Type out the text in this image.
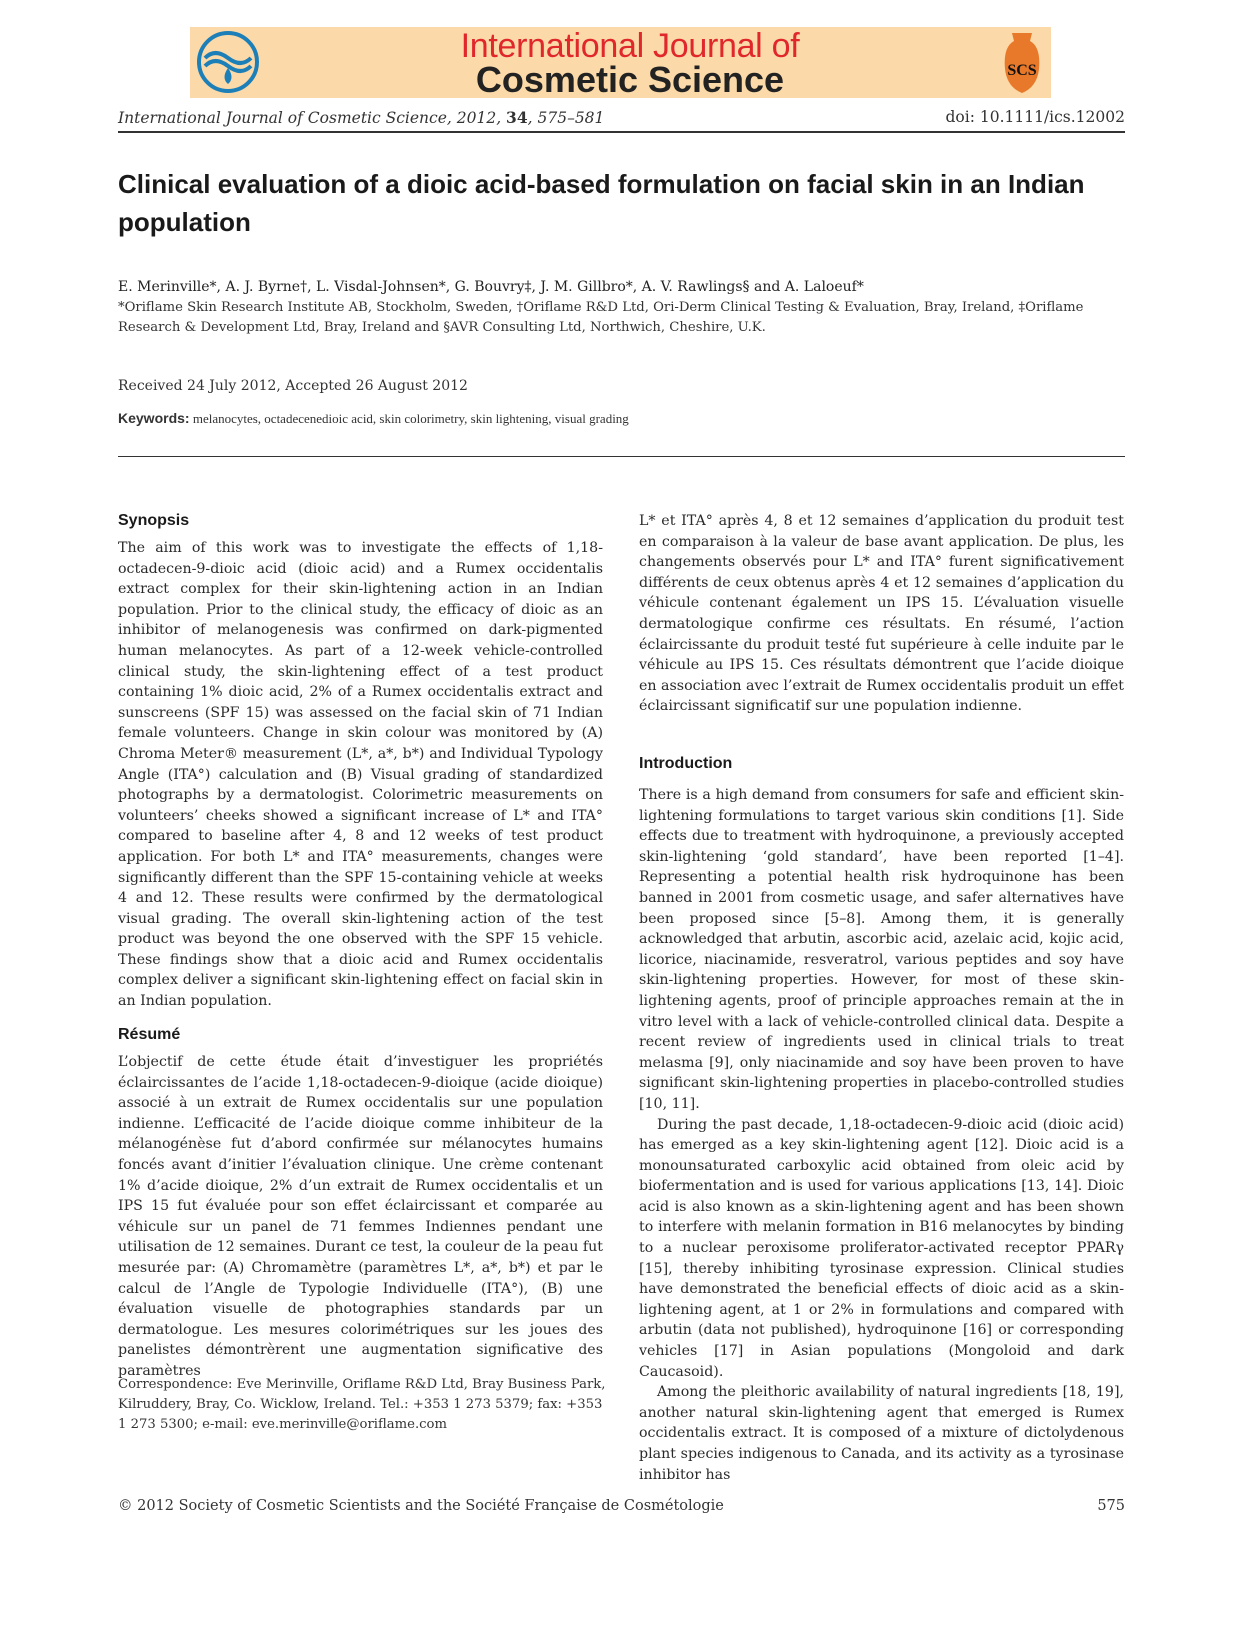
International Journal of
Cosmetic Science	SCS
International Journal of Cosmetic Science, 2012, 34, 575–581	doi: 10.1111/ics.12002
Clinical evaluation of a dioic acid-based formulation on facial skin in an Indian population
E. Merinville*, A. J. Byrne†, L. Visdal-Johnsen*, G. Bouvry‡, J. M. Gillbro*, A. V. Rawlings§ and A. Laloeuf*
*Oriflame Skin Research Institute AB, Stockholm, Sweden, †Oriflame R&D Ltd, Ori-Derm Clinical Testing & Evaluation, Bray, Ireland, ‡Oriflame Research & Development Ltd, Bray, Ireland and §AVR Consulting Ltd, Northwich, Cheshire, U.K.
Received 24 July 2012, Accepted 26 August 2012
Keywords: melanocytes, octadecenedioic acid, skin colorimetry, skin lightening, visual grading
Synopsis

The aim of this work was to investigate the effects of 1,18-octadecen-9-dioic acid (dioic acid) and a Rumex occidentalis extract complex for their skin-lightening action in an Indian population. Prior to the clinical study, the efficacy of dioic as an inhibitor of melanogenesis was confirmed on dark-pigmented human melanocytes. As part of a 12-week vehicle-controlled clinical study, the skin-lightening effect of a test product containing 1% dioic acid, 2% of a Rumex occidentalis extract and sunscreens (SPF 15) was assessed on the facial skin of 71 Indian female volunteers. Change in skin colour was monitored by (A) Chroma Meter® measurement (L*, a*, b*) and Individual Typology Angle (ITA°) calculation and (B) Visual grading of standardized photographs by a dermatologist. Colorimetric measurements on volunteers’ cheeks showed a significant increase of L* and ITA° compared to baseline after 4, 8 and 12 weeks of test product application. For both L* and ITA° measurements, changes were significantly different than the SPF 15-containing vehicle at weeks 4 and 12. These results were confirmed by the dermatological visual grading. The overall skin-lightening action of the test product was beyond the one observed with the SPF 15 vehicle. These findings show that a dioic acid and Rumex occidentalis complex deliver a significant skin-lightening effect on facial skin in an Indian population.

Résumé

L’objectif de cette étude était d’investiguer les propriétés éclaircissantes de l’acide 1,18-octadecen-9-dioique (acide dioique) associé à un extrait de Rumex occidentalis sur une population indienne. L’efficacité de l’acide dioique comme inhibiteur de la mélanogénèse fut d’abord confirmée sur mélanocytes humains foncés avant d’initier l’évaluation clinique. Une crème contenant 1% d’acide dioique, 2% d’un extrait de Rumex occidentalis et un IPS 15 fut évaluée pour son effet éclaircissant et comparée au véhicule sur un panel de 71 femmes Indiennes pendant une utilisation de 12 semaines. Durant ce test, la couleur de la peau fut mesurée par: (A) Chromamètre (paramètres L*, a*, b*) et par le calcul de l’Angle de Typologie Individuelle (ITA°), (B) une évaluation visuelle de photographies standards par un dermatologue. Les mesures colorimétriques sur les joues des panelistes démontrèrent une augmentation significative des paramètres

Correspondence: Eve Merinville, Oriflame R&D Ltd, Bray Business Park, Kilruddery, Bray, Co. Wicklow, Ireland. Tel.: +353 1 273 5379; fax: +353 1 273 5300; e-mail: eve.merinville@oriflame.com

L* et ITA° après 4, 8 et 12 semaines d’application du produit test en comparaison à la valeur de base avant application. De plus, les changements observés pour L* and ITA° furent significativement différents de ceux obtenus après 4 et 12 semaines d’application du véhicule contenant également un IPS 15. L’évaluation visuelle dermatologique confirme ces résultats. En résumé, l’action éclaircissante du produit testé fut supérieure à celle induite par le véhicule au IPS 15. Ces résultats démontrent que l’acide dioique en association avec l’extrait de Rumex occidentalis produit un effet éclaircissant significatif sur une population indienne.

Introduction

There is a high demand from consumers for safe and efficient skin-lightening formulations to target various skin conditions [1]. Side effects due to treatment with hydroquinone, a previously accepted skin-lightening ‘gold standard’, have been reported [1–4]. Representing a potential health risk hydroquinone has been banned in 2001 from cosmetic usage, and safer alternatives have been proposed since [5–8]. Among them, it is generally acknowledged that arbutin, ascorbic acid, azelaic acid, kojic acid, licorice, niacinamide, resveratrol, various peptides and soy have skin-lightening properties. However, for most of these skin-lightening agents, proof of principle approaches remain at the in vitro level with a lack of vehicle-controlled clinical data. Despite a recent review of ingredients used in clinical trials to treat melasma [9], only niacinamide and soy have been proven to have significant skin-lightening properties in placebo-controlled studies [10, 11].

During the past decade, 1,18-octadecen-9-dioic acid (dioic acid) has emerged as a key skin-lightening agent [12]. Dioic acid is a monounsaturated carboxylic acid obtained from oleic acid by biofermentation and is used for various applications [13, 14]. Dioic acid is also known as a skin-lightening agent and has been shown to interfere with melanin formation in B16 melanocytes by binding to a nuclear peroxisome proliferator-activated receptor PPARγ [15], thereby inhibiting tyrosinase expression. Clinical studies have demonstrated the beneficial effects of dioic acid as a skin-lightening agent, at 1 or 2% in formulations and compared with arbutin (data not published), hydroquinone [16] or corresponding vehicles [17] in Asian populations (Mongoloid and dark Caucasoid).

Among the pleithoric availability of natural ingredients [18, 19], another natural skin-lightening agent that emerged is Rumex occidentalis extract. It is composed of a mixture of dictolydenous plant species indigenous to Canada, and its activity as a tyrosinase inhibitor has

© 2012 Society of Cosmetic Scientists and the Société Française de Cosmétologie	575
